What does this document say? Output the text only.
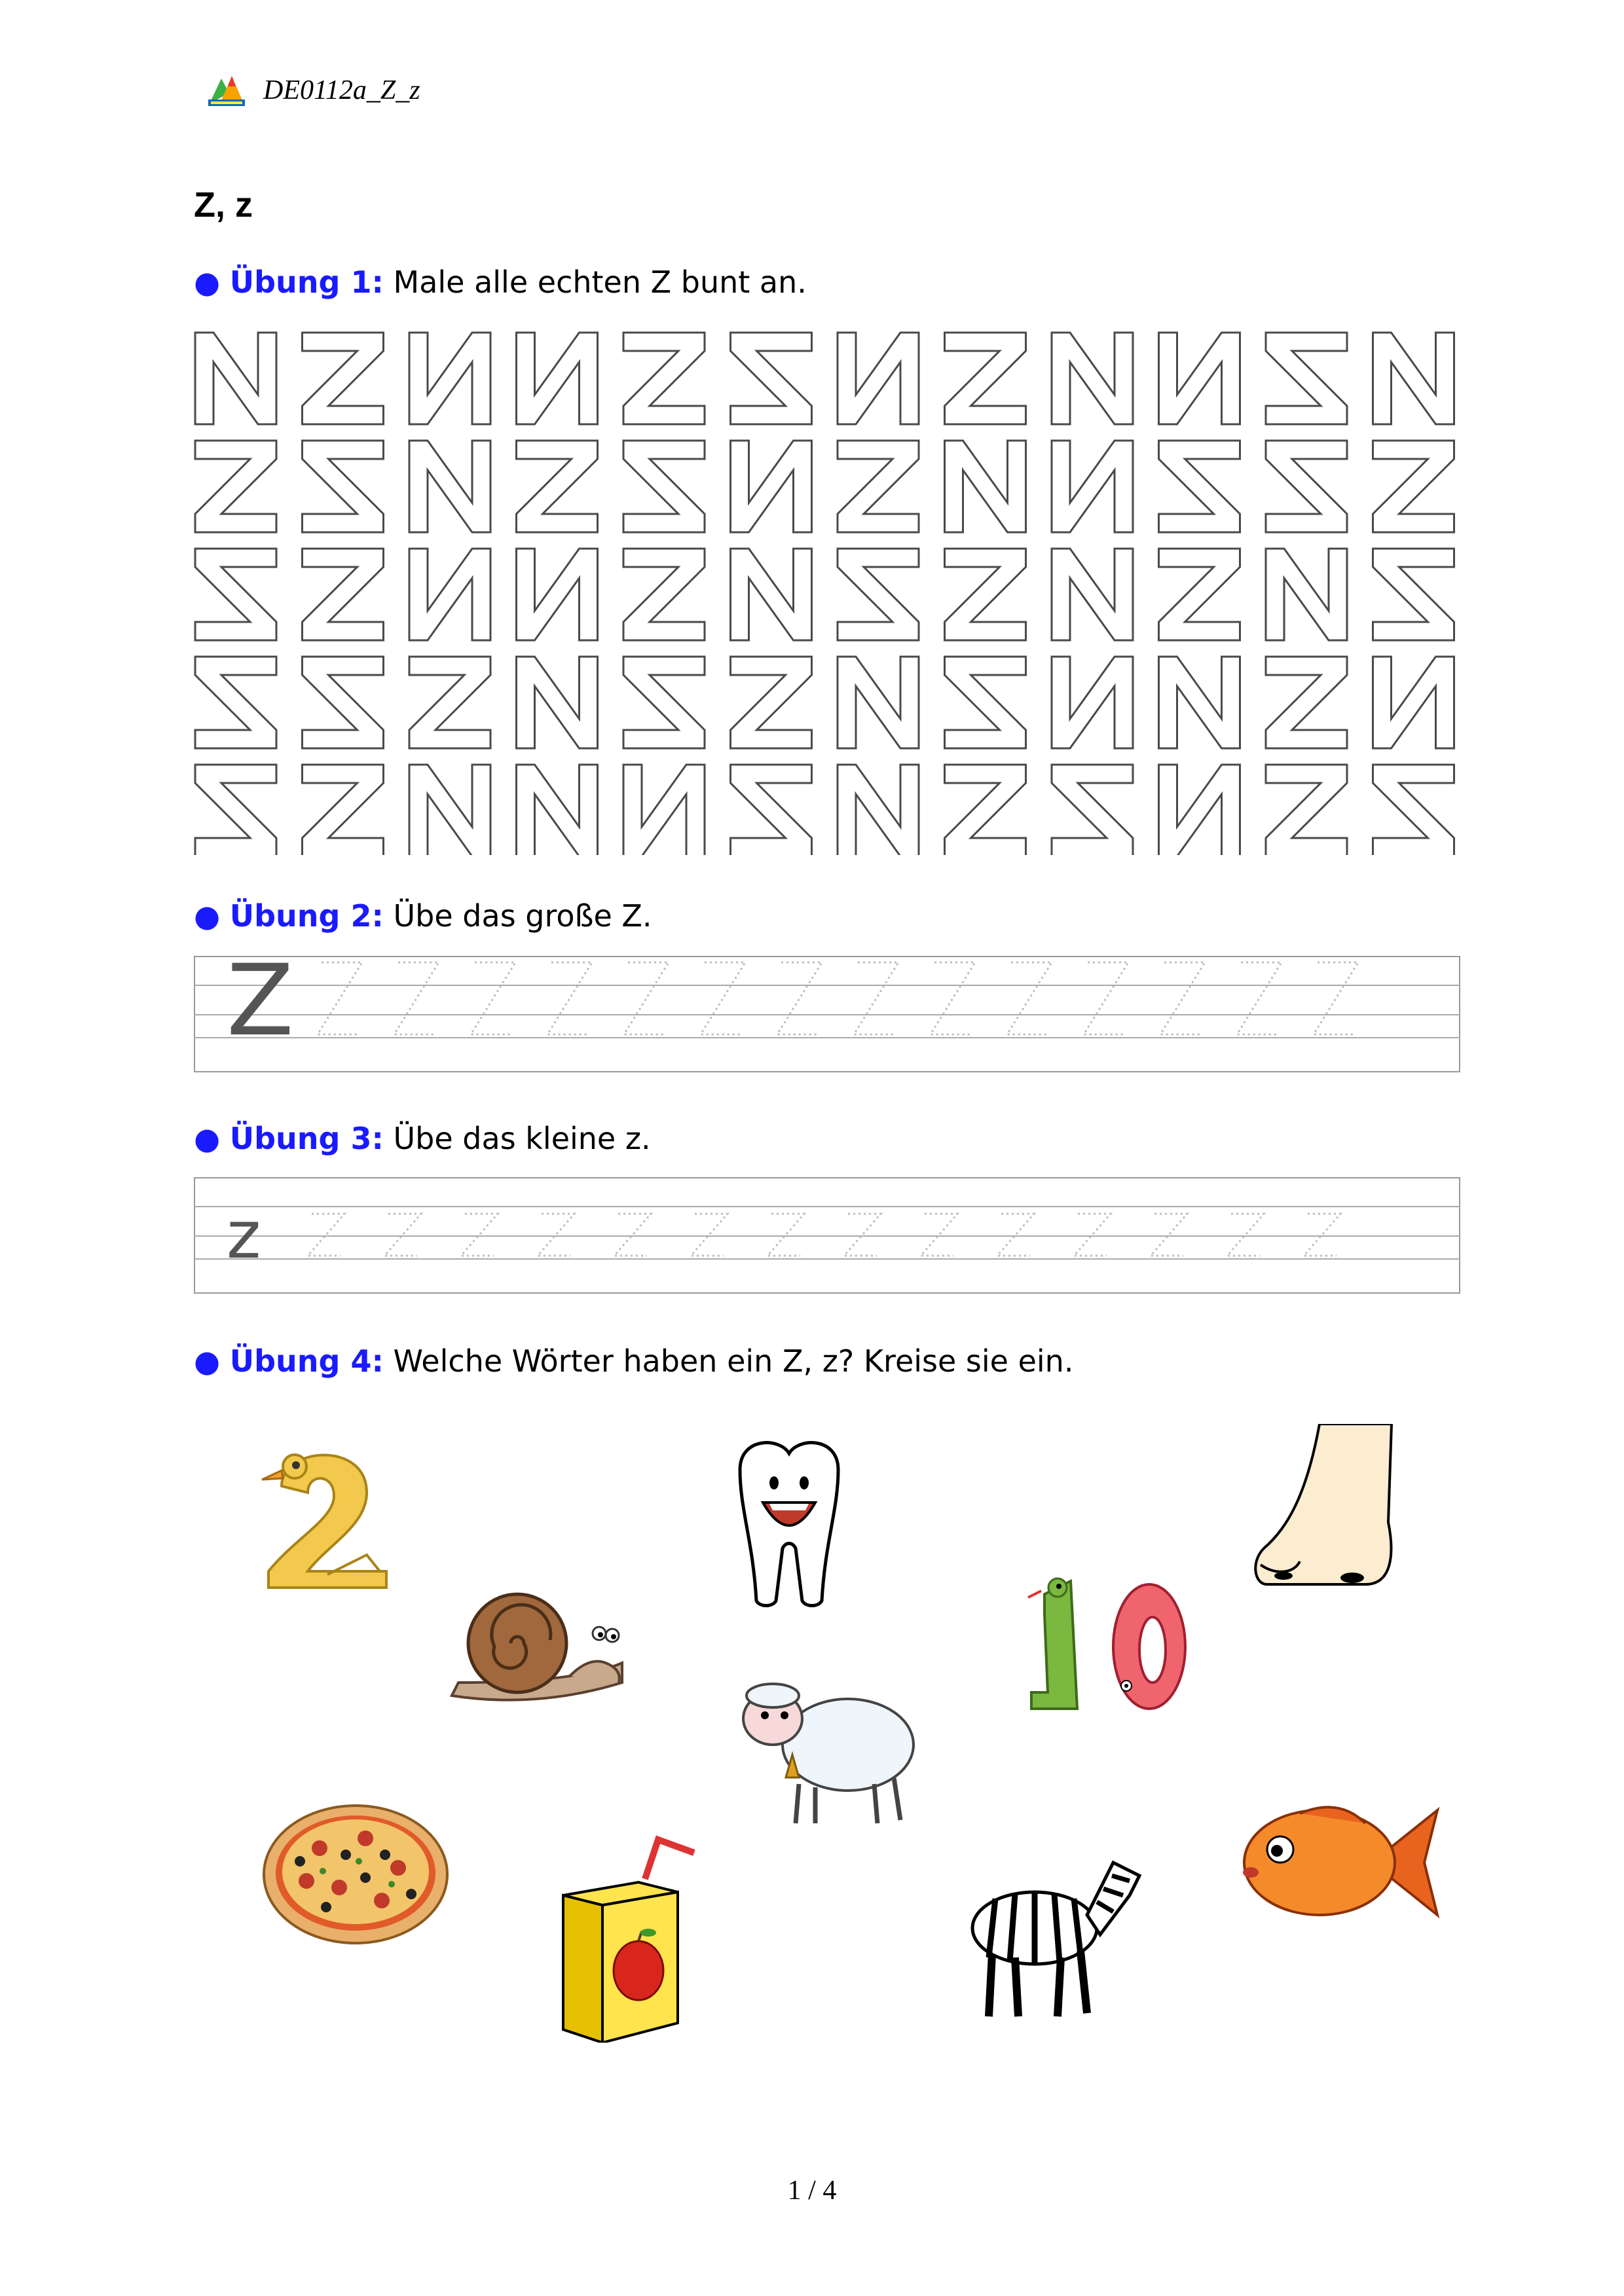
DE0112a_Z_z
Z, z
● Übung 1: Male alle echten Z bunt an.
● Übung 2: Übe das große Z.
Z
● Übung 3: Übe das kleine z.
z
● Übung 4: Welche Wörter haben ein Z, z? Kreise sie ein.
1 / 4
